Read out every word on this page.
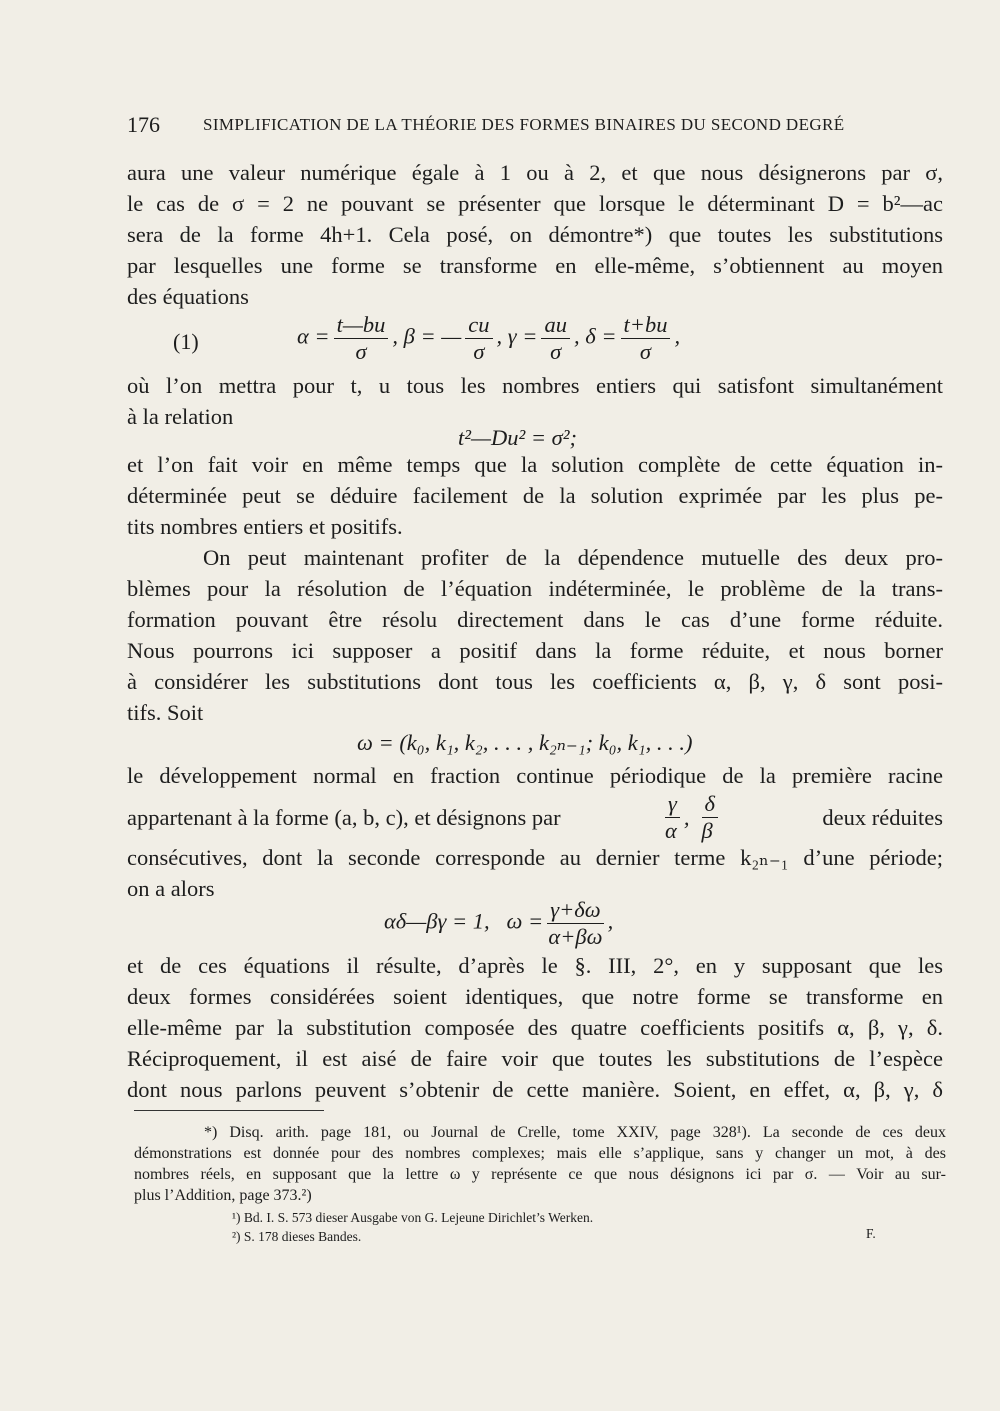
176	SIMPLIFICATION DE LA THÉORIE DES FORMES BINAIRES DU SECOND DEGRÉ
aura une valeur numérique égale à 1 ou à 2, et que nous désignerons par σ,
le cas de σ = 2 ne pouvant se présenter que lorsque le déterminant D = b²—ac
sera de la forme 4h+1. Cela posé, on démontre*) que toutes les substitutions
par lesquelles une forme se transforme en elle-même, s’obtiennent au moyen
des équations
(1)	$\alpha = \frac{t—bu}{\sigma}$ , β = — $\frac{cu}{\sigma}$ , $\gamma = \frac{au}{\sigma}$ , $\delta = \frac{t+bu}{\sigma}$ ,
où l’on mettra pour t, u tous les nombres entiers qui satisfont simultanément
à la relation
t²—Du² = σ²;
et l’on fait voir en même temps que la solution complète de cette équation in-
déterminée peut se déduire facilement de la solution exprimée par les plus pe-
tits nombres entiers et positifs.
On peut maintenant profiter de la dépendence mutuelle des deux pro-
blèmes pour la résolution de l’équation indéterminée, le problème de la trans-
formation pouvant être résolu directement dans le cas d’une forme réduite.
Nous pourrons ici supposer a positif dans la forme réduite, et nous borner
à considérer les substitutions dont tous les coefficients α, β, γ, δ sont posi-
tifs. Soit
ω = (k₀, k₁, k₂, . . . , k₂ₙ₋₁; k₀, k₁, . . .)
le développement normal en fraction continue périodique de la première racine
appartenant à la forme (a, b, c), et désignons par	$\frac{\gamma}{\alpha}$ , $\frac{\delta}{\beta}$	deux réduites
consécutives, dont la seconde corresponde au dernier terme k₂ₙ₋₁ d’une période;
on a alors
αδ—βγ = 1, $\omega = \frac{\gamma+\delta\omega}{\alpha+\beta\omega}$ ,
et de ces équations il résulte, d’après le §. III, 2°, en y supposant que les
deux formes considérées soient identiques, que notre forme se transforme en
elle-même par la substitution composée des quatre coefficients positifs α, β, γ, δ.
Réciproquement, il est aisé de faire voir que toutes les substitutions de l’espèce
dont nous parlons peuvent s’obtenir de cette manière. Soient, en effet, α, β, γ, δ
*) Disq. arith. page 181, ou Journal de Crelle, tome XXIV, page 328¹). La seconde de ces deux
démonstrations est donnée pour des nombres complexes; mais elle s’applique, sans y changer un mot, à des
nombres réels, en supposant que la lettre ω y représente ce que nous désignons ici par σ. — Voir au sur-
plus l’Addition, page 373.²)
¹) Bd. I. S. 573 dieser Ausgabe von G. Lejeune Dirichlet’s Werken.
²) S. 178 dieses Bandes.	F.
